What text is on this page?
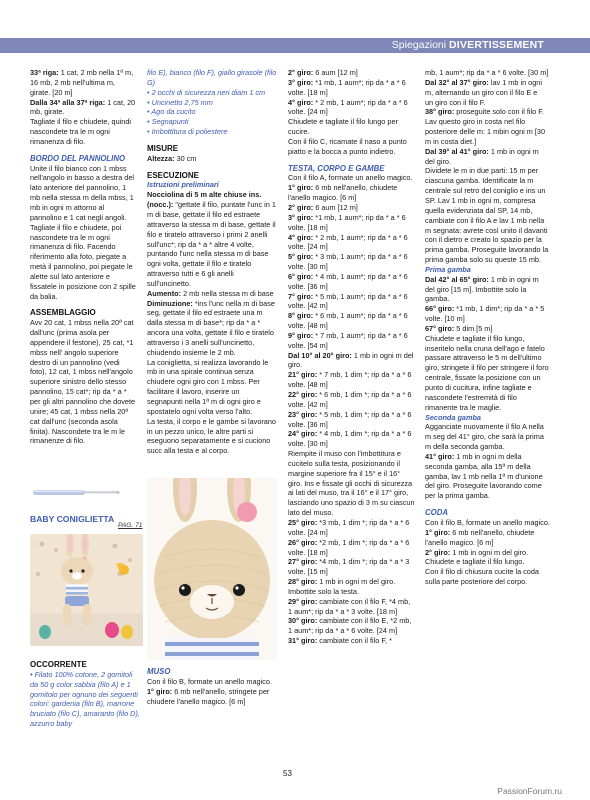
Spiegazioni DIVERTISSEMENT

33ª riga: 1 cat, 2 mb nella 1ª m, 16 mb, 2 mb nell'ultima m, girate. [20 m]

Dalla 34ª alla 37ª riga: 1 cat, 20 mb, girate.

Tagliate il filo e chiudete, quindi nascondete tra le m ogni rimanenza di filo.

BORDO DEL PANNOLINO

Unite il filo bianco con 1 mbss nell'angolo in basso a destra del lato anteriore del pannolino, 1 mb nella stessa m della mbss, 1 mb in ogni m attorno al pannolino e 1 cat negli angoli. Tagliate il filo e chiudete, poi nascondete tra le m ogni rimanenza di filo. Facendo riferimento alla foto, piegate a metà il pannolino, poi piegate le alette sul lato anteriore e fissatele in posizione con 2 spille da balia.

ASSEMBLAGGIO

Avv 20 cat, 1 mbss nella 20ª cat dall'unc (prima asola per appendere il festone), 25 cat, *1 mbss nell' angolo superiore destro di un pannolino (vedi foto), 12 cat, 1 mbss nell'angolo superiore sinistro dello stesso pannolino, 15 cat*; rip da * a * per gli altri pannolino che dovete unire; 45 cat, 1 mbss nella 20ª cat dall'unc (seconda asola finita). Nascondete tra le m le rimanenze di filo.

filo E), bianco (filo F), giallo girasole (filo G)

• 2 occhi di sicurezza neri diam 1 cm

• Uncinetto 2,75 mm

• Ago da cucito

• Segnapunti

• Imbottitura di poliestere

MISURE

Altezza: 30 cm

ESECUZIONE

Istruzioni preliminari

Nocciolina di 5 m alte chiuse ins. (nocc.): "gettate il filo, puntate l'unc in 1 m di base, gettate il filo ed estraete attraverso la stessa m di base, gettate il filo e tiratelo attraverso i primi 2 anelli sull'unc*; rip da * a * altre 4 volte, puntando l'unc nella stessa m di base ogni volta, gettate il filo e tiratelo attraverso tutti e 6 gli anelli sull'uncinetto.

Aumento: 2 mb nella stessa m di base

Diminuzione: *ins l'unc nella m di base seg, gettate il filo ed estraete una m dalla stessa m di base*; rip da * a * ancora una volta, gettate il filo e tiratelo attraverso i 3 anelli sull'uncinetto, chiudendo insieme le 2 mb.

La coniglietta, si realizza lavorando le mb in una spirale continua senza chiudere ogni giro con 1 mbss. Per facilitare il lavoro, inserire un segnapunti nella 1ª m di ogni giro e spostatelo ogni volta verso l'alto.

La testa, il corpo e le gambe si lavorano in un pezzo unico, le altre parti si eseguono separatamente e si cuciono succ alla testa e al corpo.

2° giro: 6 aum [12 m]

3° giro: *1 mb, 1 aum*; rip da * a * 6 volte. [18 m]

4° giro: * 2 mb, 1 aum*; rip da * a * 6 volte. [24 m]

Chiudete e tagliate il filo lungo per cucire.

Con il filo C, ricamate il naso a punto piatto e la bocca a punto indietro.

TESTA, CORPO E GAMBE

Con il filo A, formate un anello magico.

1° giro: 6 mb nell'anello, chiudete l'anello magico. [6 m]

2° giro: 6 aum [12 m]

3° giro: *1 mb, 1 aum*; rip da * a * 6 volte. [18 m]

4° giro: * 2 mb, 1 aum*; rip da * a * 6 volte. [24 m]

5° giro: * 3 mb, 1 aum*; rip da * a * 6 volte. [30 m]

6° giro: * 4 mb, 1 aum*; rip da * a * 6 volte. [36 m]

7° giro: * 5 mb, 1 aum*; rip da * a * 6 volte. [42 m]

8° giro: * 6 mb, 1 aum*; rip da * a * 6 volte. [48 m]

9° giro: * 7 mb, 1 aum*; rip da * a * 6 volte. [54 m]

Dal 10° al 20° giro: 1 mb in ogni m del giro.

21° giro: * 7 mb, 1 dim *; rip da * a * 6 volte. [48 m]

22° giro: * 6 mb, 1 dim *; rip da * a * 6 volte. [42 m]

23° giro: * 5 mb, 1 dim *; rip da * a * 6 volte. [36 m]

24° giro: * 4 mb, 1 dim *; rip da * a * 6 volte. [30 m]

Riempite il muso con l'imbottitura e cucitelo sulla testa, posizionando il margine superiore fra il 15° e il 16° giro. Ins e fissate gli occhi di sicurezza ai lati del muso, tra il 16° e il 17° giro, lasciando uno spazio di 3 m su ciascun lato del muso.

25° giro: *3 mb, 1 dim *; rip da * a * 6 volte. [24 m]

26° giro: *2 mb, 1 dim *; rip da * a * 6 volte. [18 m]

27° giro: *4 mb, 1 dim *; rip da * a * 3 volte. [15 m]

28° giro: 1 mb in ogni m del giro. Imbottite solo la testa.

29° giro: cambiate con il filo F, *4 mb, 1 aum*; rip da * a * 3 volte. [18 m]

30° giro: cambiate con il filo E, *2 mb, 1 aum*; rip da * a * 6 volte. [24 m]

31° giro: cambiate con il filo F, *

mb, 1 aum*; rip da * a * 6 volte. [30 m]

Dal 32° al 37° giro: lav 1 mb in ogni m, alternando un giro con il filo E e

un giro con il filo F.

38° giro: proseguite solo con il filo F. Lav questo giro in costa nel filo posteriore delle m: 1 mbin ogni m [30 m in costa diet.]

Dal 39° al 41° giro: 1 mb in ogni m del giro.

Dividete le m in due parti: 15 m per ciascuna gamba. Identificate la m centrale sul retro del coniglio e ins un SP. Lav 1 mb in ogni m, compresa quella evidenziata dal SP, 14 mb, cambiate con il filo A e lav 1 mb nella m segnata: avrete così unito il davanti con il dietro e creato lo spazio per la prima gamba. Proseguite lavorando la prima gamba solo su queste 15 mb.

Prima gamba

Dal 42° al 65° giro: 1 mb in ogni m del giro [15 m]. Imbottite solo la gamba.

66° giro: *1 mb, 1 dim*; rip da * a * 5 volte. [10 m]

67° giro: 5 dim [5 m]

Chiudete e tagliate il filo lungo, inseritelo nella cruna dell'ago e fatelo passare attraverso le 5 m dell'ultimo giro, stringete il filo per stringere il foro centrale, fissate la posizione con un punto di cucitura, infine tagliate e nascondete l'estremità di filo rimanente tra le maglie.

Seconda gamba

Agganciate nuovamente il filo A nella m seg del 41° giro, che sarà la prima m della seconda gamba.

41° giro: 1 mb in ogni m della seconda gamba, alla 15ª m della gamba, lav 1 mb nella 1ª m d'unione del giro. Proseguite lavorando come per la prima gamba.

CODA

Con il filo B, formate un anello magico.

1° giro: 6 mb nell'anello, chiudete l'anello magico. [6 m]

2° giro: 1 mb in ogni m del giro.

Chiudete e tagliate il filo lungo.

Con il filo di chiusura cucite la coda sulla parte posteriore del corpo.

BABY CONIGLIETTA
PAG. 71

OCCORRENTE

• Filato 100% cotone, 2 gomitoli da 50 g color sabbia (filo A) e 1 gomitolo per ognuno dei seguenti colori: gardenia (filo B), marrone bruciato (filo C), amaranto (filo D), azzurro baby

MUSO

Con il filo B, formate un anello magico.

1° giro: 6 mb nell'anello, stringete per chiudere l'anello magico. [6 m]

53
PassionForum.ru
